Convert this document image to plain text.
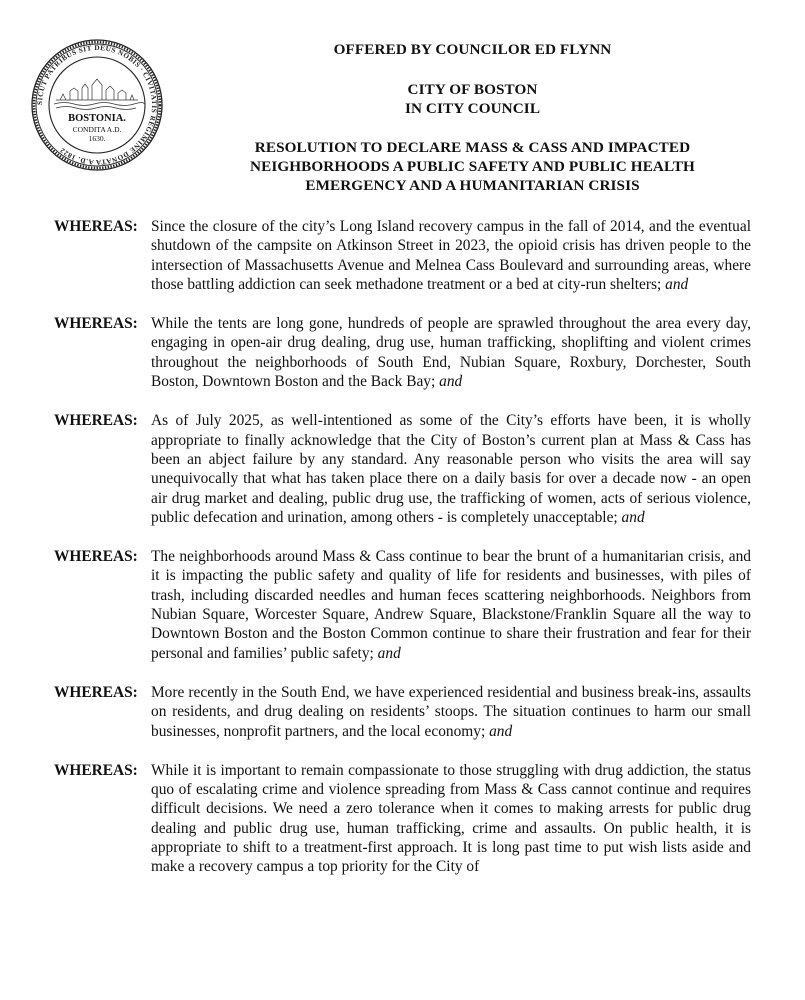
SICUT PATRIBUS SIT DEUS NOBIS · CIVITATIS REGIMINE DONATA A.D. 1822
BOSTONIA.
CONDITA A.D.
1630.
OFFERED BY COUNCILOR ED FLYNN
CITY OF BOSTON
IN CITY COUNCIL
RESOLUTION TO DECLARE MASS & CASS AND IMPACTED
NEIGHBORHOODS A PUBLIC SAFETY AND PUBLIC HEALTH
EMERGENCY AND A HUMANITARIAN CRISIS
WHEREAS: Since the closure of the city’s Long Island recovery campus in the fall of 2014, and the eventual shutdown of the campsite on Atkinson Street in 2023, the opioid crisis has driven people to the intersection of Massachusetts Avenue and Melnea Cass Boulevard and surrounding areas, where those battling addiction can seek methadone treatment or a bed at city-run shelters; and
WHEREAS: While the tents are long gone, hundreds of people are sprawled throughout the area every day, engaging in open-air drug dealing, drug use, human trafficking, shoplifting and violent crimes throughout the neighborhoods of South End, Nubian Square, Roxbury, Dorchester, South Boston, Downtown Boston and the Back Bay; and
WHEREAS: As of July 2025, as well-intentioned as some of the City’s efforts have been, it is wholly appropriate to finally acknowledge that the City of Boston’s current plan at Mass & Cass has been an abject failure by any standard. Any reasonable person who visits the area will say unequivocally that what has taken place there on a daily basis for over a decade now - an open air drug market and dealing, public drug use, the trafficking of women, acts of serious violence, public defecation and urination, among others - is completely unacceptable; and
WHEREAS: The neighborhoods around Mass & Cass continue to bear the brunt of a humanitarian crisis, and it is impacting the public safety and quality of life for residents and businesses, with piles of trash, including discarded needles and human feces scattering neighborhoods. Neighbors from Nubian Square, Worcester Square, Andrew Square, Blackstone/Franklin Square all the way to Downtown Boston and the Boston Common continue to share their frustration and fear for their personal and families’ public safety; and
WHEREAS: More recently in the South End, we have experienced residential and business break-ins, assaults on residents, and drug dealing on residents’ stoops. The situation continues to harm our small businesses, nonprofit partners, and the local economy; and
WHEREAS: While it is important to remain compassionate to those struggling with drug addiction, the status quo of escalating crime and violence spreading from Mass & Cass cannot continue and requires difficult decisions. We need a zero tolerance when it comes to making arrests for public drug dealing and public drug use, human trafficking, crime and assaults. On public health, it is appropriate to shift to a treatment-first approach. It is long past time to put wish lists aside and make a recovery campus a top priority for the City of
